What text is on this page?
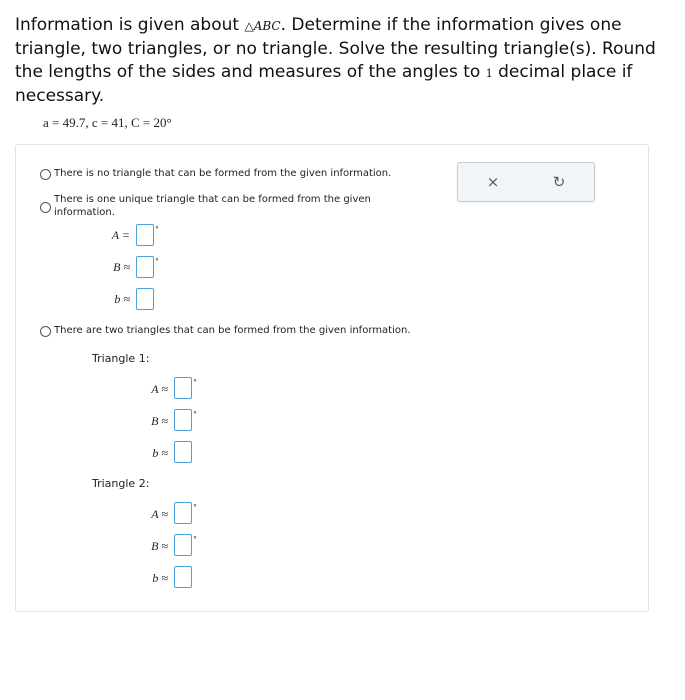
Information is given about △ABC. Determine if the information gives one triangle, two triangles, or no triangle. Solve the resulting triangle(s). Round the lengths of the sides and measures of the angles to 1 decimal place if necessary.
a = 49.7, c = 41, C = 20°
There is no triangle that can be formed from the given information.
There is one unique triangle that can be formed from the given information.
A =	°
B ≈	°
b ≈
There are two triangles that can be formed from the given information.
Triangle 1:
A ≈	°
B ≈	°
b ≈
Triangle 2:
A ≈	°
B ≈	°
b ≈
×	↻
